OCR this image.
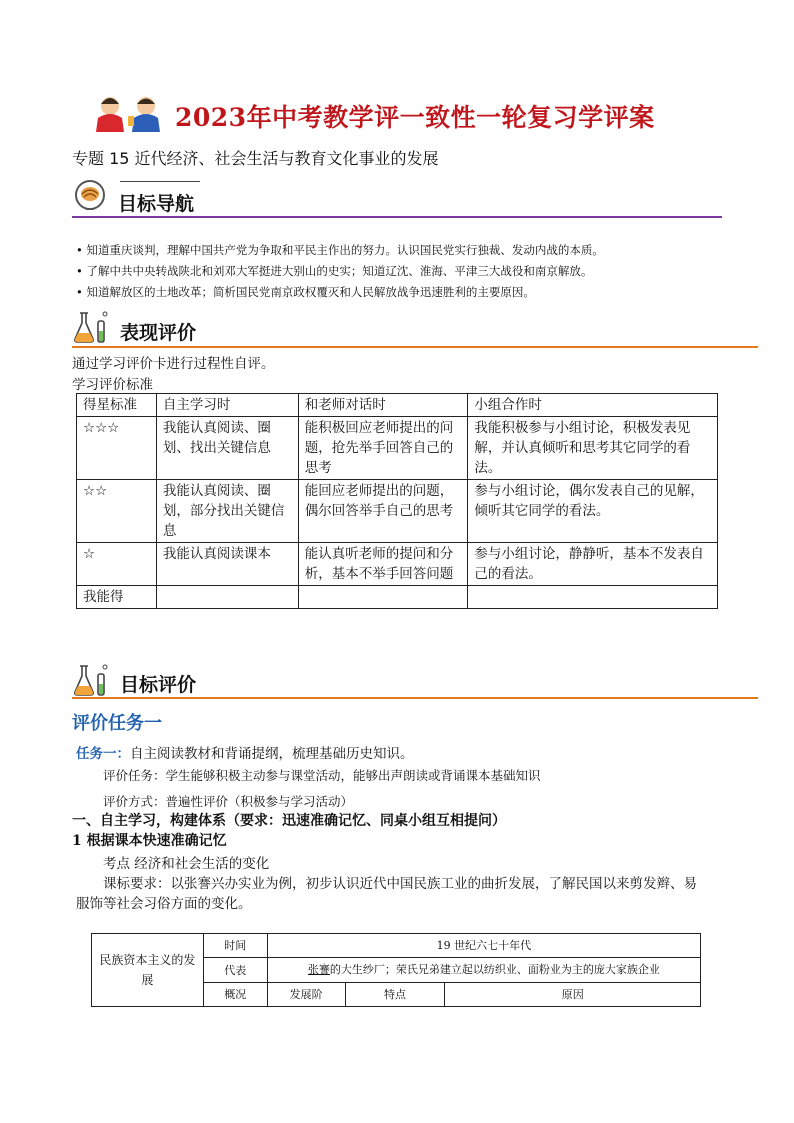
2023年中考教学评一致性一轮复习学评案
专题 15 近代经济、社会生活与教育文化事业的发展
目标导航
• 知道重庆谈判，理解中国共产党为争取和平民主作出的努力。认识国民党实行独裁、发动内战的本质。
• 了解中共中央转战陕北和刘邓大军挺进大别山的史实；知道辽沈、淮海、平津三大战役和南京解放。
• 知道解放区的土地改革；简析国民党南京政权覆灭和人民解放战争迅速胜利的主要原因。
表现评价
通过学习评价卡进行过程性自评。
学习评价标准
得星标准	自主学习时	和老师对话时	小组合作时
☆☆☆	我能认真阅读、圈划、找出关键信息	能积极回应老师提出的问题，抢先举手回答自己的思考	我能积极参与小组讨论，积极发表见解，并认真倾听和思考其它同学的看法。
☆☆	我能认真阅读、圈划，部分找出关键信息	能回应老师提出的问题，偶尔回答举手自己的思考	参与小组讨论，偶尔发表自己的见解，倾听其它同学的看法。
☆	我能认真阅读课本	能认真听老师的提问和分析，基本不举手回答问题	参与小组讨论，静静听，基本不发表自己的看法。
我能得			
目标评价
评价任务一
任务一：自主阅读教材和背诵提纲，梳理基础历史知识。
评价任务：学生能够积极主动参与课堂活动，能够出声朗读或背诵课本基础知识
评价方式：普遍性评价（积极参与学习活动）
一、自主学习，构建体系（要求：迅速准确记忆、同桌小组互相提问）
1 根据课本快速准确记忆
考点 经济和社会生活的变化
课标要求：以张謇兴办实业为例，初步认识近代中国民族工业的曲折发展，了解民国以来剪发辫、易
服饰等社会习俗方面的变化。
民族资本主义的发展	时间	19 世纪六七十年代		
	代表	张謇的大生纱厂；荣氏兄弟建立起以纺织业、面粉业为主的庞大家族企业		
	概况	发展阶	特点	原因
